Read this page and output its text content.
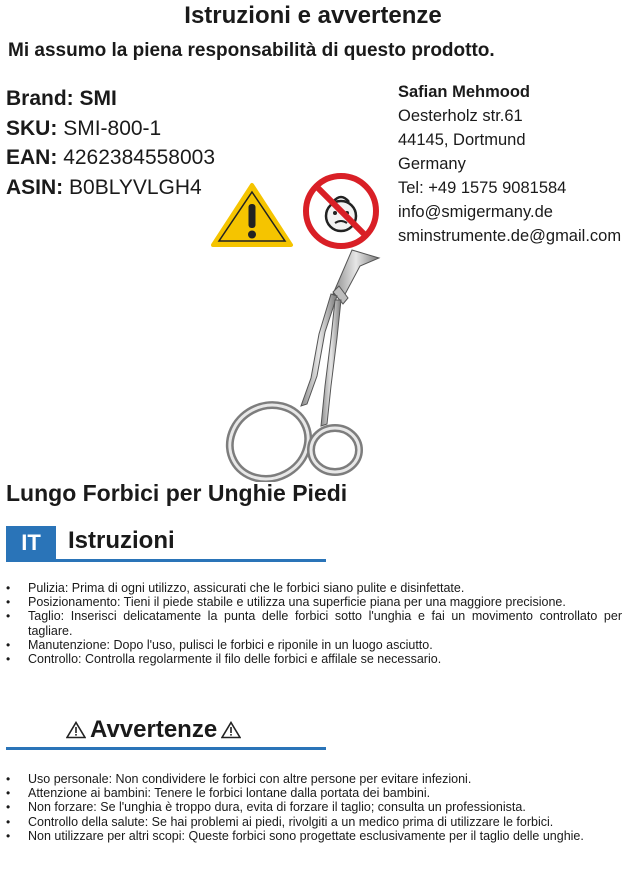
Istruzioni e avvertenze
Mi assumo la piena responsabilità di questo prodotto.
Brand: SMI
SKU: SMI-800-1
EAN: 4262384558003
ASIN: B0BLYVLGH4
Safian Mehmood
Oesterholz str.61
44145, Dortmund
Germany
Tel: +49 1575 9081584
info@smigermany.de
sminstrumente.de@gmail.com
Lungo Forbici per Unghie Piedi
IT	Istruzioni
• Pulizia: Prima di ogni utilizzo, assicurati che le forbici siano pulite e disinfettate.
• Posizionamento: Tieni il piede stabile e utilizza una superficie piana per una maggiore precisione.
• Taglio: Inserisci delicatamente la punta delle forbici sotto l'unghia e fai un movimento controllato per tagliare.
• Manutenzione: Dopo l'uso, pulisci le forbici e riponile in un luogo asciutto.
• Controllo: Controlla regolarmente il filo delle forbici e affilale se necessario.
Avvertenze
• Uso personale: Non condividere le forbici con altre persone per evitare infezioni.
• Attenzione ai bambini: Tenere le forbici lontane dalla portata dei bambini.
• Non forzare: Se l'unghia è troppo dura, evita di forzare il taglio; consulta un professionista.
• Controllo della salute: Se hai problemi ai piedi, rivolgiti a un medico prima di utilizzare le forbici.
• Non utilizzare per altri scopi: Queste forbici sono progettate esclusivamente per il taglio delle unghie.
